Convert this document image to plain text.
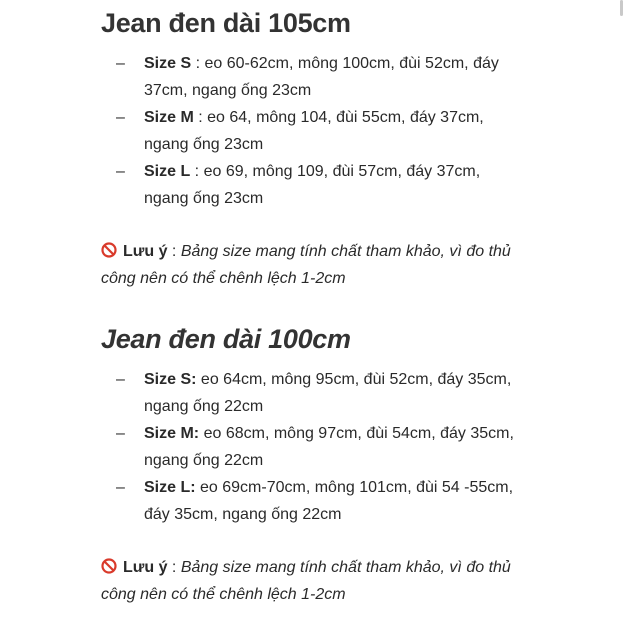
Jean đen dài 105cm
– Size S : eo 60-62cm, mông 100cm, đùi 52cm, đáy 37cm, ngang ống 23cm
– Size M : eo 64, mông 104, đùi 55cm, đáy 37cm, ngang ống 23cm
– Size L : eo 69, mông 109, đùi 57cm, đáy 37cm, ngang ống 23cm

Lưu ý : Bảng size mang tính chất tham khảo, vì đo thủ công nên có thể chênh lệch 1-2cm

Jean đen dài 100cm
– Size S: eo 64cm, mông 95cm, đùi 52cm, đáy 35cm, ngang ống 22cm
– Size M: eo 68cm, mông 97cm, đùi 54cm, đáy 35cm, ngang ống 22cm
– Size L: eo 69cm-70cm, mông 101cm, đùi 54 -55cm, đáy 35cm, ngang ống 22cm

Lưu ý : Bảng size mang tính chất tham khảo, vì đo thủ công nên có thể chênh lệch 1-2cm
